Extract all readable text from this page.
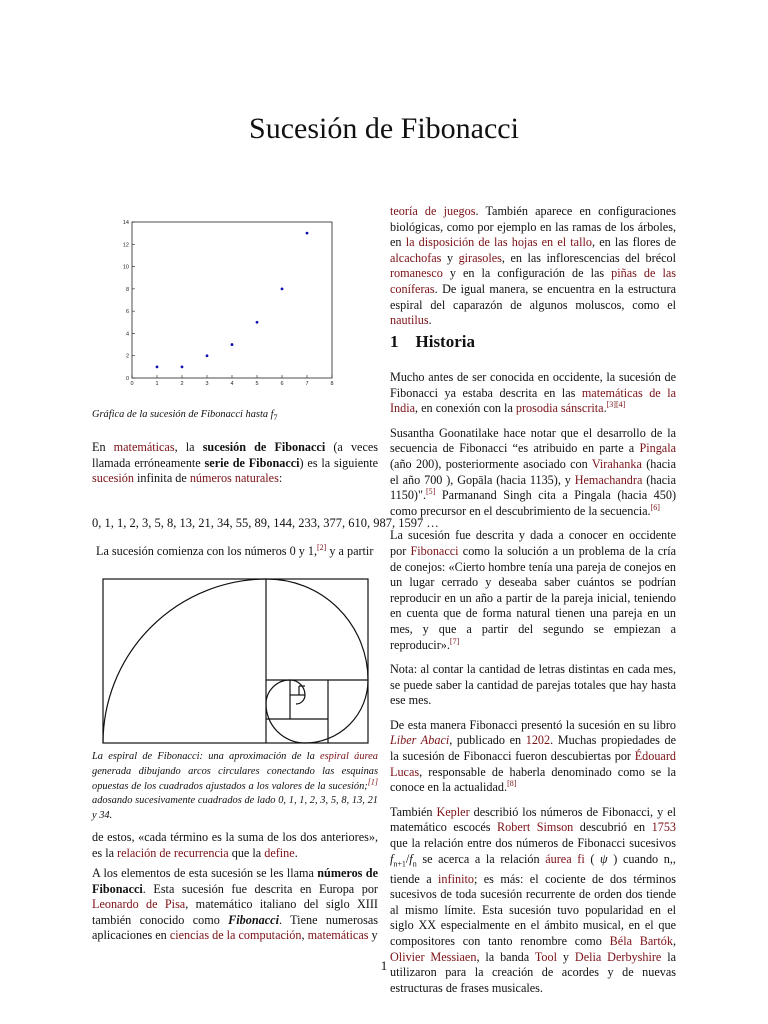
Sucesión de Fibonacci
0	1	2	3	4	5	6	7	8
0
2
4
6
8
10
12
14
Gráfica de la sucesión de Fibonacci hasta $f_7$
En matemáticas, la sucesión de Fibonacci (a veces llamada erróneamente serie de Fibonacci) es la siguiente sucesión infinita de números naturales:
0, 1, 1, 2, 3, 5, 8, 13, 21, 34, 55, 89, 144, 233, 377, 610, 987, 1597 …
La sucesión comienza con los números 0 y 1,[2] y a partir
La espiral de Fibonacci: una aproximación de la espiral áurea generada dibujando arcos circulares conectando las esquinas opuestas de los cuadrados ajustados a los valores de la sucesión;[1] adosando sucesivamente cuadrados de lado 0, 1, 1, 2, 3, 5, 8, 13, 21 y 34.
de estos, «cada término es la suma de los dos anteriores», es la relación de recurrencia que la define.
A los elementos de esta sucesión se les llama números de Fibonacci. Esta sucesión fue descrita en Europa por Leonardo de Pisa, matemático italiano del siglo XIII también conocido como Fibonacci. Tiene numerosas aplicaciones en ciencias de la computación, matemáticas y
teoría de juegos. También aparece en configuraciones biológicas, como por ejemplo en las ramas de los árboles, en la disposición de las hojas en el tallo, en las flores de alcachofas y girasoles, en las inflorescencias del brécol romanesco y en la configuración de las piñas de las coníferas. De igual manera, se encuentra en la estructura espiral del caparazón de algunos moluscos, como el nautilus.
1 Historia

Mucho antes de ser conocida en occidente, la sucesión de Fibonacci ya estaba descrita en las matemáticas de la India, en conexión con la prosodia sánscrita.[3][4]

Susantha Goonatilake hace notar que el desarrollo de la secuencia de Fibonacci “es atribuido en parte a Pingala (año 200), posteriormente asociado con Virahanka (hacia el año 700 ), Gopāla (hacia 1135), y Hemachandra (hacia 1150)".[5] Parmanand Singh cita a Pingala (hacia 450) como precursor en el descubrimiento de la secuencia.[6]

La sucesión fue descrita y dada a conocer en occidente por Fibonacci como la solución a un problema de la cría de conejos: «Cierto hombre tenía una pareja de conejos en un lugar cerrado y deseaba saber cuántos se podrían reproducir en un año a partir de la pareja inicial, teniendo en cuenta que de forma natural tienen una pareja en un mes, y que a partir del segundo se empiezan a reproducir».[7]

Nota: al contar la cantidad de letras distintas en cada mes, se puede saber la cantidad de parejas totales que hay hasta ese mes.

De esta manera Fibonacci presentó la sucesión en su libro Liber Abaci, publicado en 1202. Muchas propiedades de la sucesión de Fibonacci fueron descubiertas por Édouard Lucas, responsable de haberla denominado como se la conoce en la actualidad.[8]

También Kepler describió los números de Fibonacci, y el matemático escocés Robert Simson descubrió en 1753 que la relación entre dos números de Fibonacci sucesivos $f_{n+1}/f_n$ se acerca a la relación áurea fi ( ψ ) cuando n,, tiende a infinito; es más: el cociente de dos términos sucesivos de toda sucesión recurrente de orden dos tiende al mismo límite. Esta sucesión tuvo popularidad en el siglo XX especialmente en el ámbito musical, en el que compositores con tanto renombre como Béla Bartók, Olivier Messiaen, la banda Tool y Delia Derbyshire la utilizaron para la creación de acordes y de nuevas estructuras de frases musicales.

1
